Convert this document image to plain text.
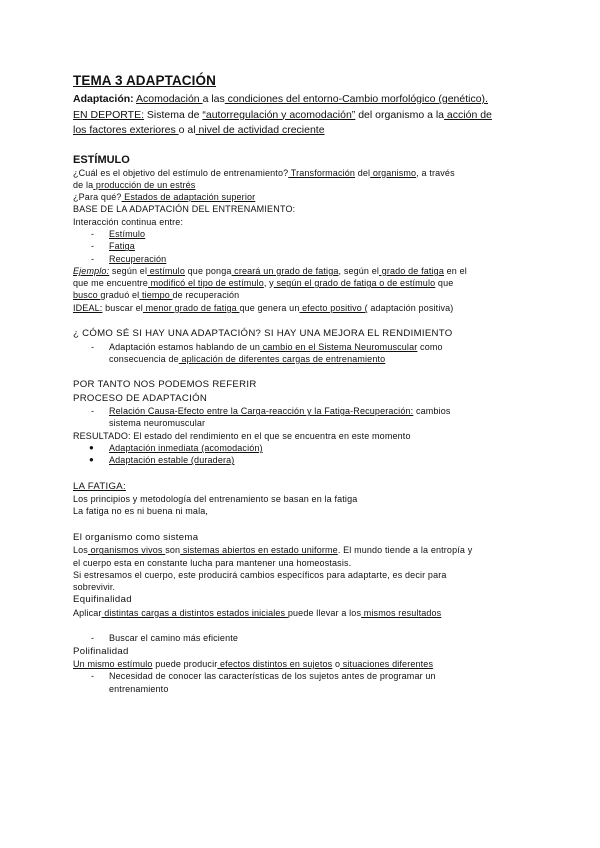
TEMA 3 ADAPTACIÓN

Adaptación: Acomodación a las condiciones del entorno-Cambio morfológico (genético).

EN DEPORTE: Sistema de “autorregulación y acomodación” del organismo a la acción de

los factores exteriores o al nivel de actividad creciente

ESTÍMULO

¿Cuál es el objetivo del estímulo de entrenamiento? Transformación del organismo, a través

de la producción de un estrés

¿Para qué? Estados de adaptación superior

BASE DE LA ADAPTACIÓN DEL ENTRENAMIENTO:

Interacción continua entre:

- Estímulo
- Fatiga
- Recuperación

Ejemplo: según el estímulo que ponga creará un grado de fatiga, según el grado de fatiga en el

que me encuentre modificó el tipo de estímulo, y según el grado de fatiga o de estímulo que

busco graduó el tiempo de recuperación

IDEAL: buscar el menor grado de fatiga que genera un efecto positivo ( adaptación positiva)

¿ CÓMO SÉ SI HAY UNA ADAPTACIÓN? SI HAY UNA MEJORA EL RENDIMIENTO

- Adaptación estamos hablando de un cambio en el Sistema Neuromuscular como
consecuencia de aplicación de diferentes cargas de entrenamiento

POR TANTO NOS PODEMOS REFERIR

PROCESO DE ADAPTACIÓN

- Relación Causa-Efecto entre la Carga-reacción y la Fatiga-Recuperación: cambios
sistema neuromuscular

RESULTADO: El estado del rendimiento en el que se encuentra en este momento

● Adaptación inmediata (acomodación)
● Adaptación estable (duradera)

LA FATIGA:

Los principios y metodología del entrenamiento se basan en la fatiga

La fatiga no es ni buena ni mala,

El organismo como sistema

Los organismos vivos son sistemas abiertos en estado uniforme. El mundo tiende a la entropía y

el cuerpo esta en constante lucha para mantener una homeostasis.

Si estresamos el cuerpo, este producirá cambios específicos para adaptarte, es decir para

sobrevivir.

Equifinalidad

Aplicar distintas cargas a distintos estados iniciales puede llevar a los mismos resultados

- Buscar el camino más eficiente

Polifinalidad

Un mismo estímulo puede producir efectos distintos en sujetos o situaciones diferentes

- Necesidad de conocer las características de los sujetos antes de programar un
entrenamiento
